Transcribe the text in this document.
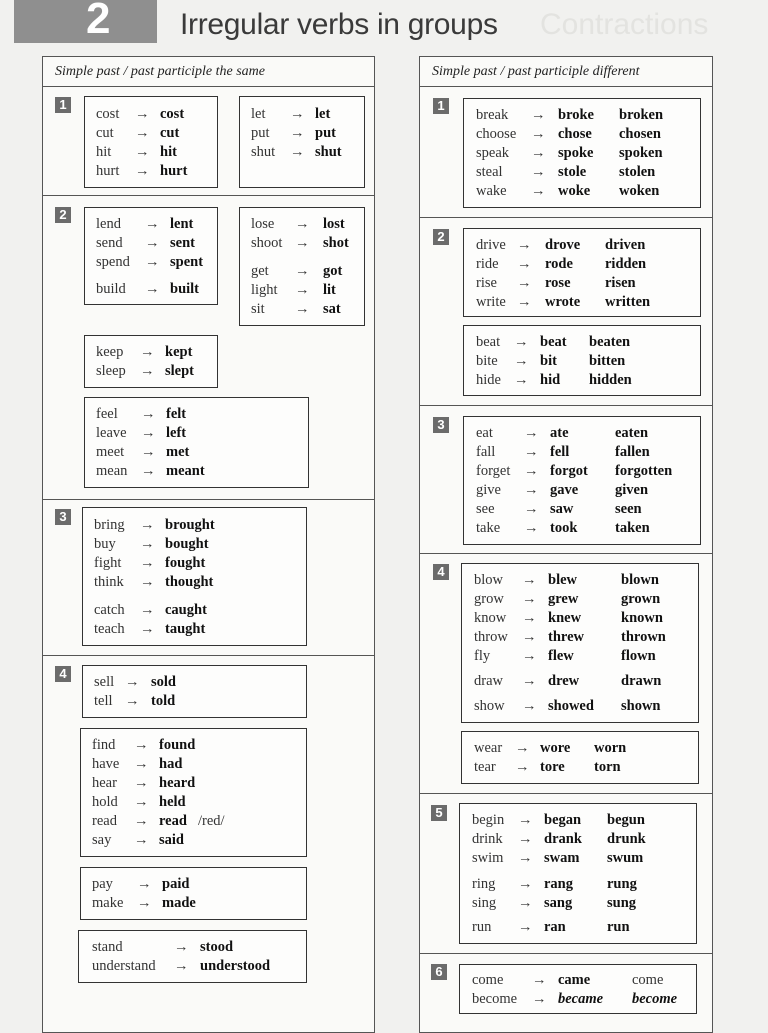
2 Irregular verbs in groups Contractions
Simple past / past participle the same
1
cost → cost
cut → cut
hit → hit
hurt → hurt
let → let
put → put
shut → shut
2
lend → lent
send → sent
spend → spent
build → built
lose → lost
shoot → shot
get → got
light → lit
sit → sat
keep → kept
sleep → slept
feel → felt
leave → left
meet → met
mean → meant
3
bring → brought
buy → bought
fight → fought
think → thought
catch → caught
teach → taught
4
sell → sold
tell → told
find → found
have → had
hear → heard
hold → held
read → read /red/
say → said
pay → paid
make → made
stand	→ stood
understand → understood
Simple past / past participle different
1
break → broke broken
choose → chose chosen
speak → spoke spoken
steal → stole stolen
wake → woke woken
2
drive → drove driven
ride → rode ridden
rise → rose risen
write → wrote written
beat → beat beaten
bite → bit bitten
hide → hid hidden
3
eat → ate	eaten
fall → fell	fallen
forget → forgot forgotten
give → gave	given
see → saw	seen
take → took	taken
4
blow → blew	blown
grow → grew	grown
know → knew	known
throw → threw	thrown
fly → flew	flown
draw → drew	drawn
show → showed shown
wear → wore worn
tear → tore torn
5	begin → began begun
drink → drank drunk
swim → swam swum
ring → rang rung
sing → sang sung
run → ran	run
6
come → came	come
become → became become
